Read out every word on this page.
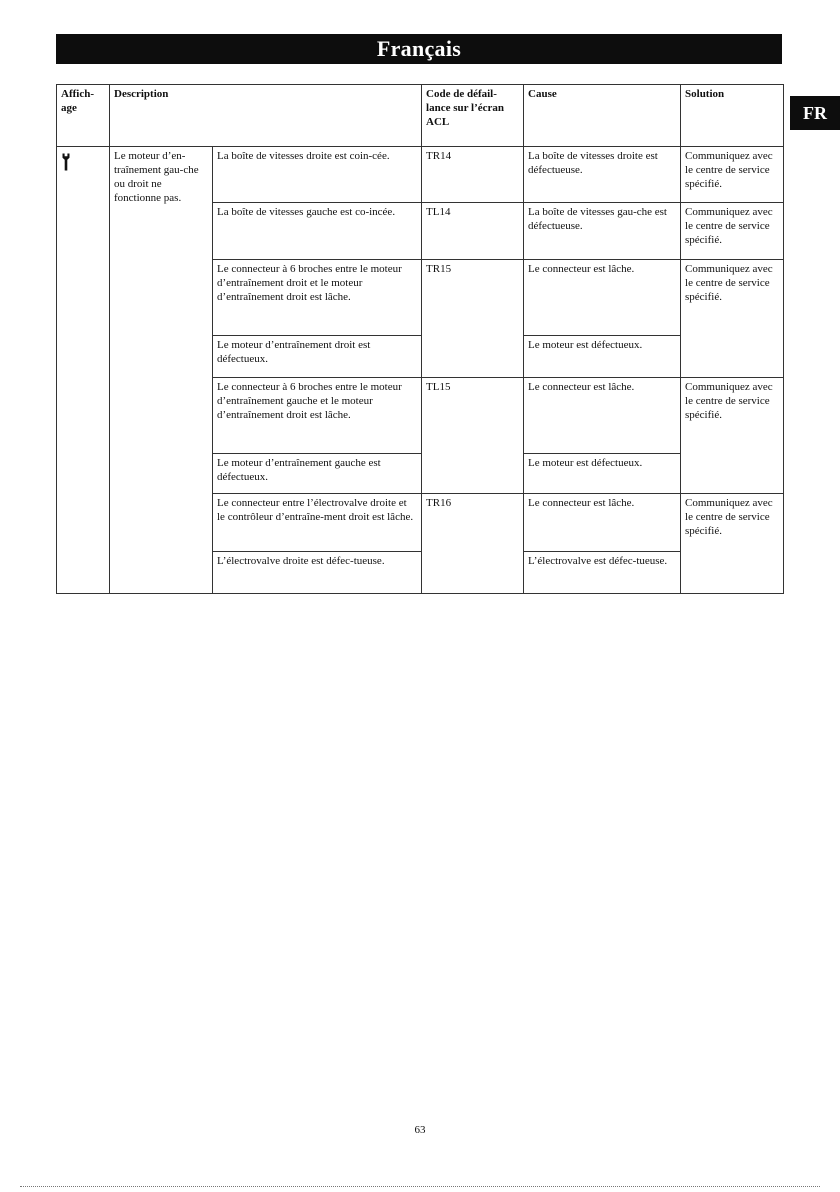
Français
FR
Affich-age	Description		Code de défail-lance sur l’écran ACL	Cause	Solution
	Le moteur d’en-traînement gau-che ou droit ne fonctionne pas.	La boîte de vitesses droite est coin-cée.	TR14	La boîte de vitesses droite est défectueuse.	Communiquez avec le centre de service spécifié.
		La boîte de vitesses gauche est co-incée.	TL14	La boîte de vitesses gau-che est défectueuse.	Communiquez avec le centre de service spécifié.
		Le connecteur à 6 broches entre le moteur d’entraînement droit et le moteur d’entraînement droit est lâche.	TR15	Le connecteur est lâche.	Communiquez avec le centre de service spécifié.
		Le moteur d’entraînement droit est défectueux.		Le moteur est défectueux.	
		Le connecteur à 6 broches entre le moteur d’entraînement gauche et le moteur d’entraînement droit est lâche.	TL15	Le connecteur est lâche.	Communiquez avec le centre de service spécifié.
		Le moteur d’entraînement gauche est défectueux.		Le moteur est défectueux.	
		Le connecteur entre l’électrovalve droite et le contrôleur d’entraîne-ment droit est lâche.	TR16	Le connecteur est lâche.	Communiquez avec le centre de service spécifié.
		L’électrovalve droite est défec-tueuse.		L’électrovalve est défec-tueuse.	
63
